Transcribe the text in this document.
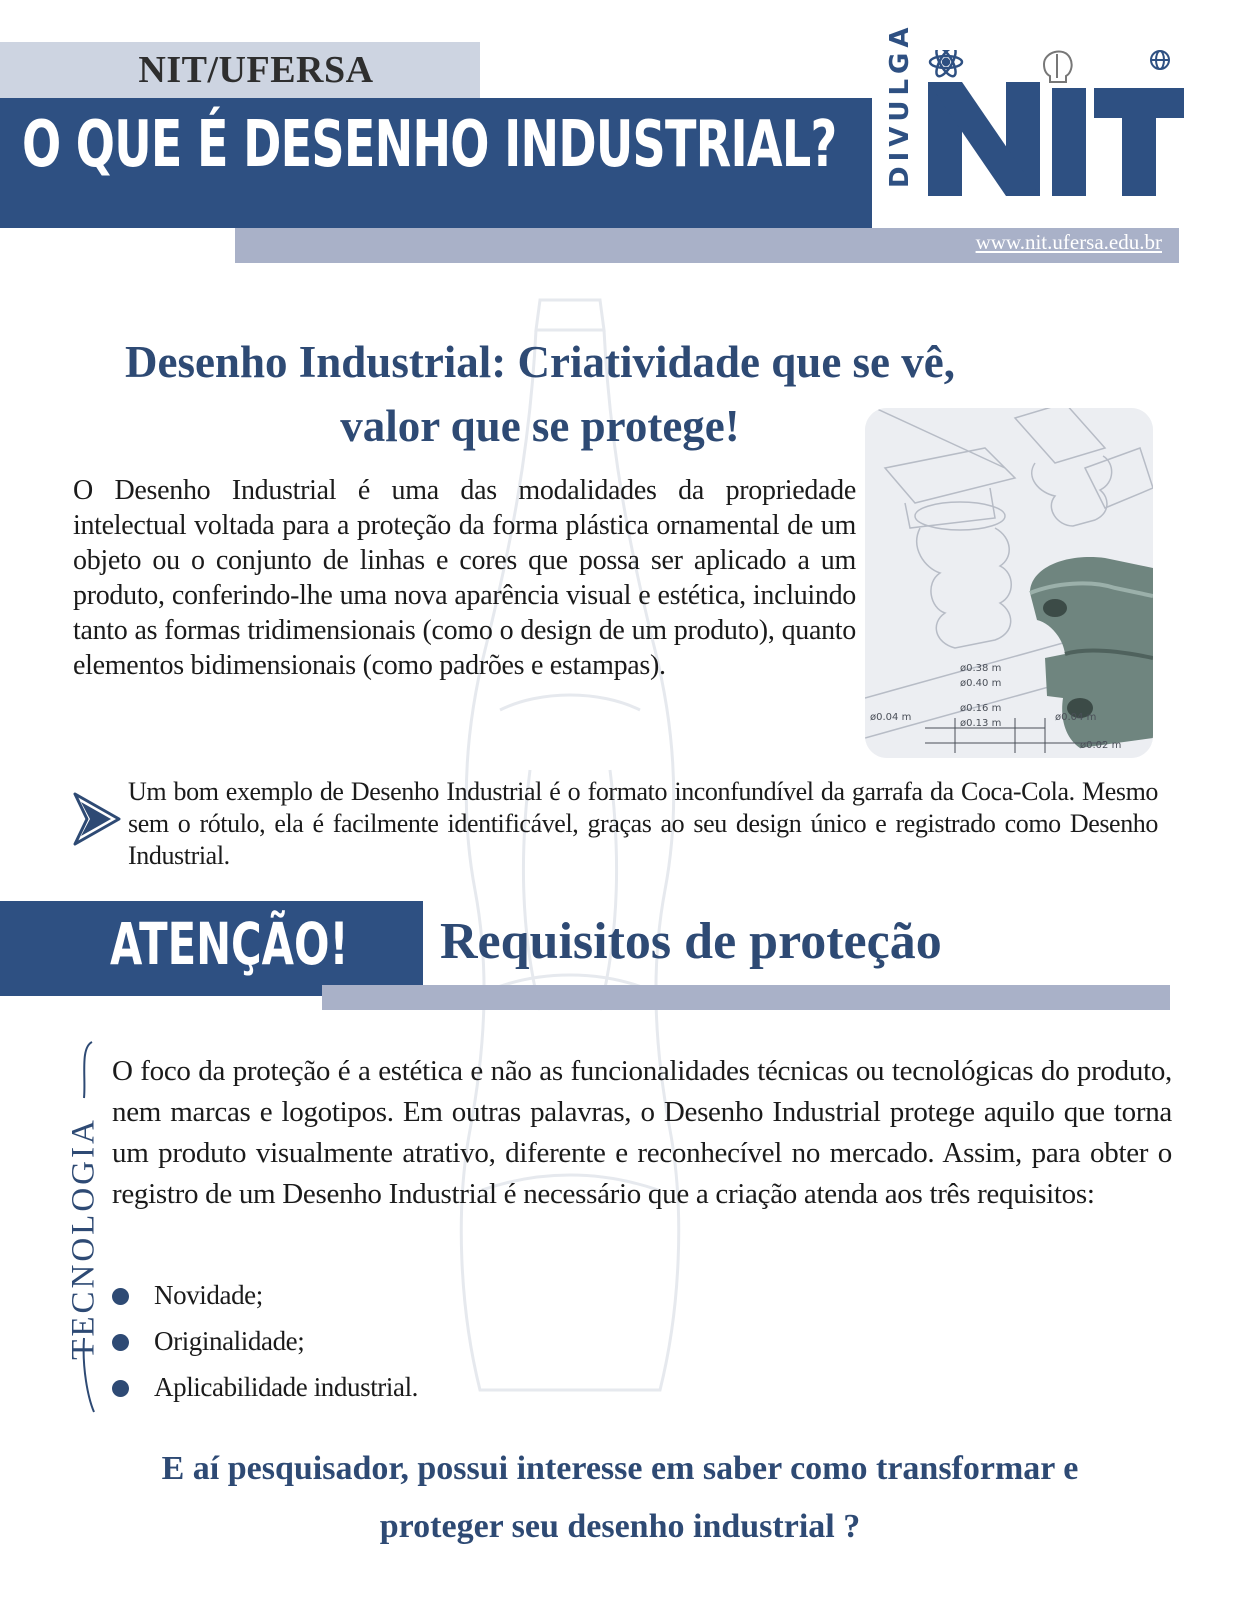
NIT/UFERSA
O QUE É DESENHO INDUSTRIAL?
www.nit.ufersa.edu.br
DIVULGA
Desenho Industrial: Criatividade que se vê,
valor que se protege!
O Desenho Industrial é uma das modalidades da propriedade intelectual voltada para a proteção da forma plástica ornamental de um objeto ou o conjunto de linhas e cores que possa ser aplicado a um produto, conferindo-lhe uma nova aparência visual e estética, incluindo tanto as formas tridimensionais (como o design de um produto), quanto elementos bidimensionais (como padrões e estampas).	ø0.38 m
ø0.40 m
ø0.16 m
ø0.13 m
ø0.04 m	ø0.04 m
ø0.02 m
Um bom exemplo de Desenho Industrial é o formato inconfundível da garrafa da Coca-Cola. Mesmo sem o rótulo, ela é facilmente identificável, graças ao seu design único e registrado como Desenho Industrial.
ATENÇÃO! Requisitos de proteção
TECNOLOGIA
O foco da proteção é a estética e não as funcionalidades técnicas ou tecnológicas do produto, nem marcas e logotipos. Em outras palavras, o Desenho Industrial protege aquilo que torna um produto visualmente atrativo, diferente e reconhecível no mercado. Assim, para obter o registro de um Desenho Industrial é necessário que a criação atenda aos três requisitos:
Novidade;
Originalidade;
Aplicabilidade industrial.
E aí pesquisador, possui interesse em saber como transformar e
proteger seu desenho industrial ?
